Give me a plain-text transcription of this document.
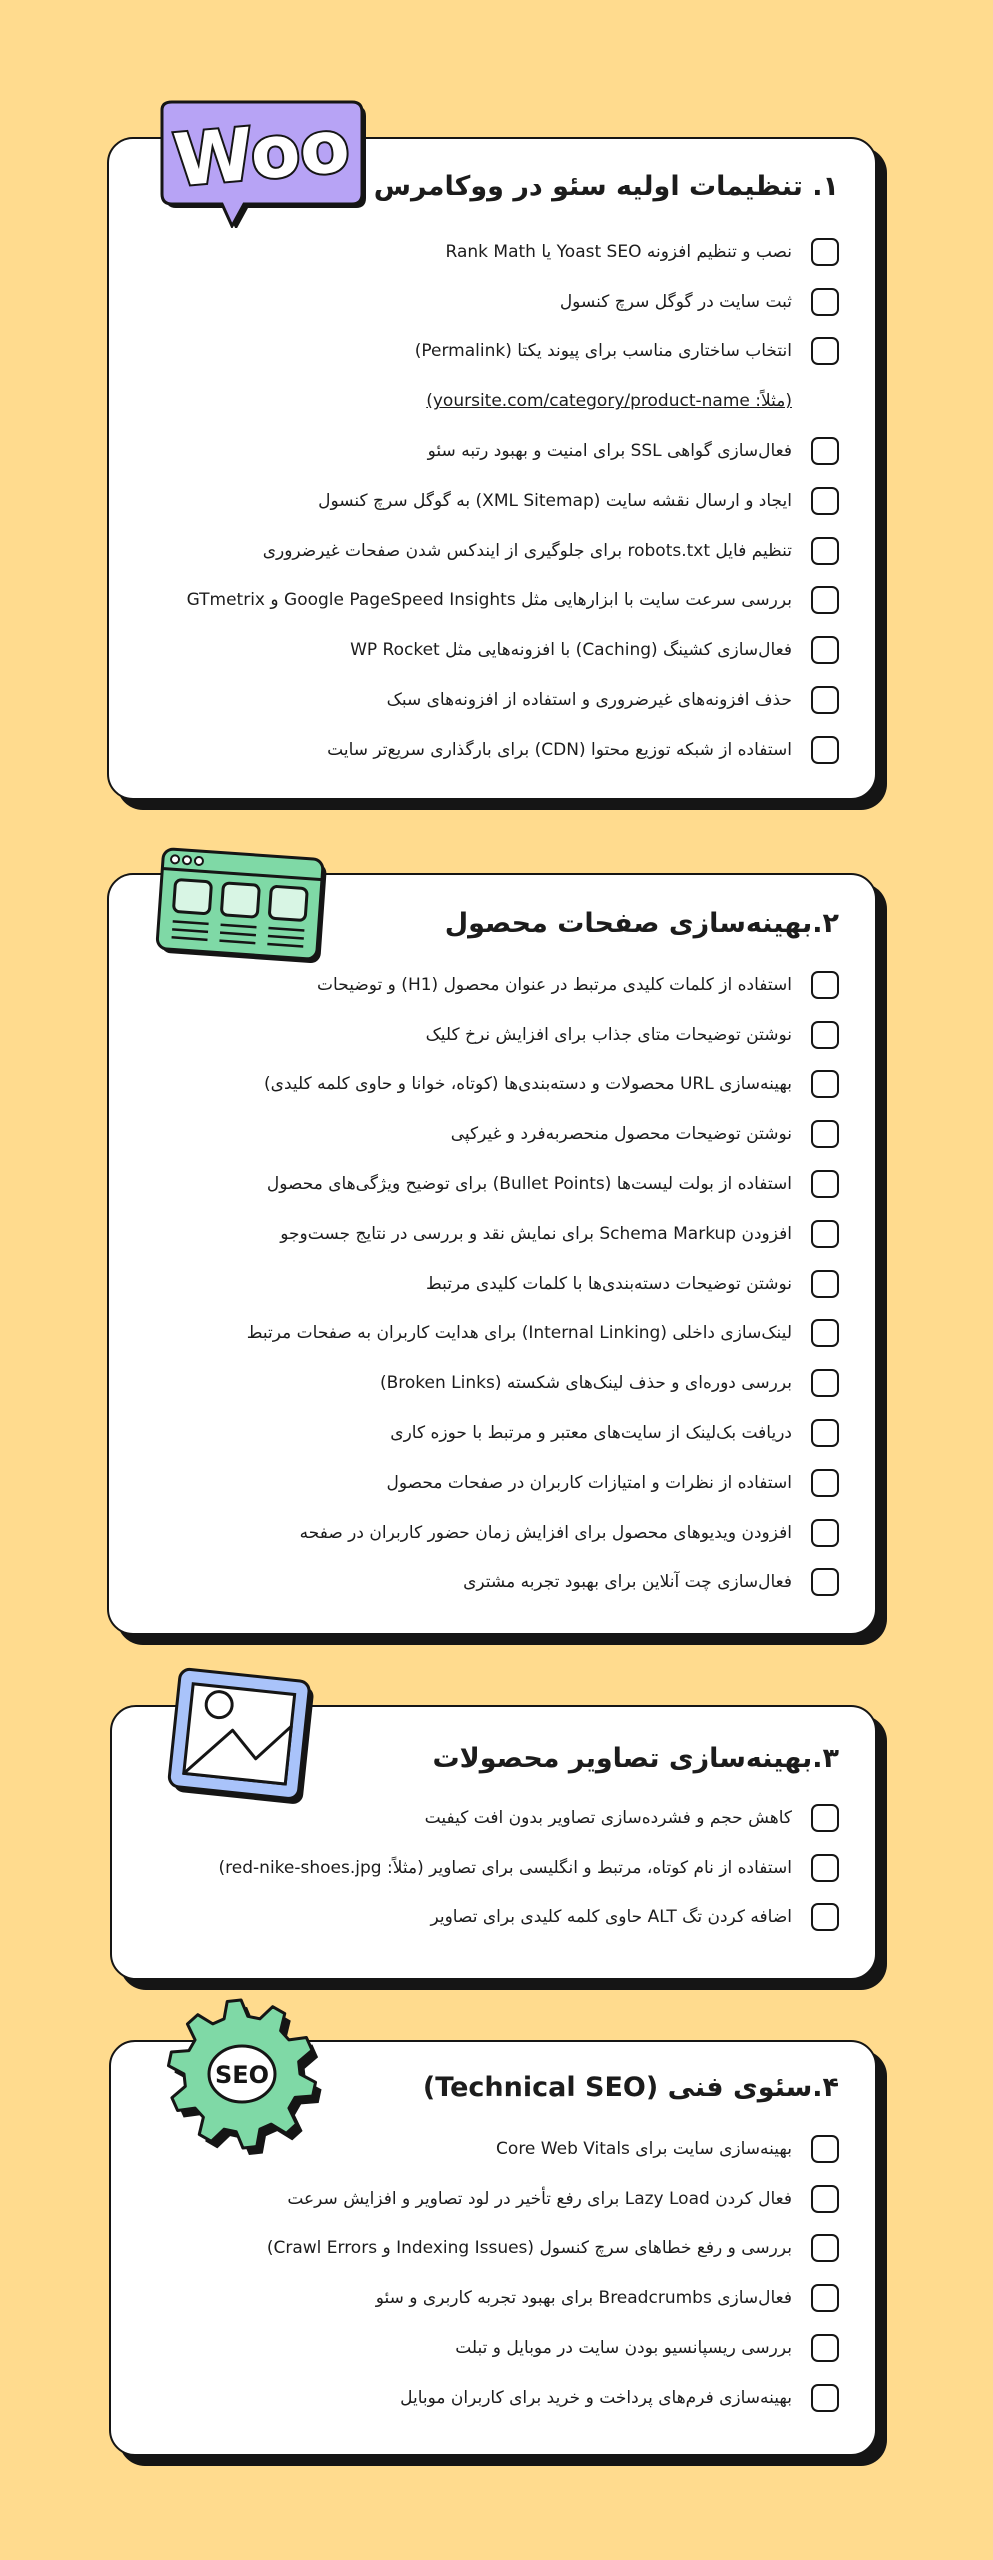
۱. تنظیمات اولیه سئو در ووکامرس
نصب و تنظیم افزونه Yoast SEO یا Rank Math
ثبت سایت در گوگل سرچ کنسول
انتخاب ساختاری مناسب برای پیوند یکتا (Permalink)
(مثلاً: yoursite.com/category/product-name)
فعال‌سازی گواهی SSL برای امنیت و بهبود رتبه سئو
ایجاد و ارسال نقشه سایت (XML Sitemap) به گوگل سرچ کنسول
تنظیم فایل robots.txt برای جلوگیری از ایندکس شدن صفحات غیرضروری
بررسی سرعت سایت با ابزارهایی مثل Google PageSpeed Insights و GTmetrix
فعال‌سازی کشینگ (Caching) با افزونه‌هایی مثل WP Rocket
حذف افزونه‌های غیرضروری و استفاده از افزونه‌های سبک
استفاده از شبکه توزیع محتوا (CDN) برای بارگذاری سریع‌تر سایت
Woo
۲.بهینه‌سازی صفحات محصول
استفاده از کلمات کلیدی مرتبط در عنوان محصول (H1) و توضیحات
نوشتن توضیحات متای جذاب برای افزایش نرخ کلیک
بهینه‌سازی URL محصولات و دسته‌بندی‌ها (کوتاه، خوانا و حاوی کلمه کلیدی)
نوشتن توضیحات محصول منحصربه‌فرد و غیرکپی
استفاده از بولت لیست‌ها (Bullet Points) برای توضیح ویژگی‌های محصول
افزودن Schema Markup برای نمایش نقد و بررسی در نتایج جست‌وجو
نوشتن توضیحات دسته‌بندی‌ها با کلمات کلیدی مرتبط
لینک‌سازی داخلی (Internal Linking) برای هدایت کاربران به صفحات مرتبط
بررسی دوره‌ای و حذف لینک‌های شکسته (Broken Links)
دریافت بک‌لینک از سایت‌های معتبر و مرتبط با حوزه کاری
استفاده از نظرات و امتیازات کاربران در صفحات محصول
افزودن ویدیوهای محصول برای افزایش زمان حضور کاربران در صفحه
فعال‌سازی چت آنلاین برای بهبود تجربه مشتری
۳.بهینه‌سازی تصاویر محصولات
کاهش حجم و فشرده‌سازی تصاویر بدون افت کیفیت
استفاده از نام کوتاه، مرتبط و انگلیسی برای تصاویر (مثلاً: red-nike-shoes.jpg)
اضافه کردن تگ ALT حاوی کلمه کلیدی برای تصاویر
۴.سئوی فنی (Technical SEO)
بهینه‌سازی سایت برای Core Web Vitals
فعال کردن Lazy Load برای رفع تأخیر در لود تصاویر و افزایش سرعت
بررسی و رفع خطاهای سرچ کنسول (Indexing Issues و Crawl Errors)
فعال‌سازی Breadcrumbs برای بهبود تجربه کاربری و سئو
بررسی ریسپانسیو بودن سایت در موبایل و تبلت
بهینه‌سازی فرم‌های پرداخت و خرید برای کاربران موبایل
SEO
